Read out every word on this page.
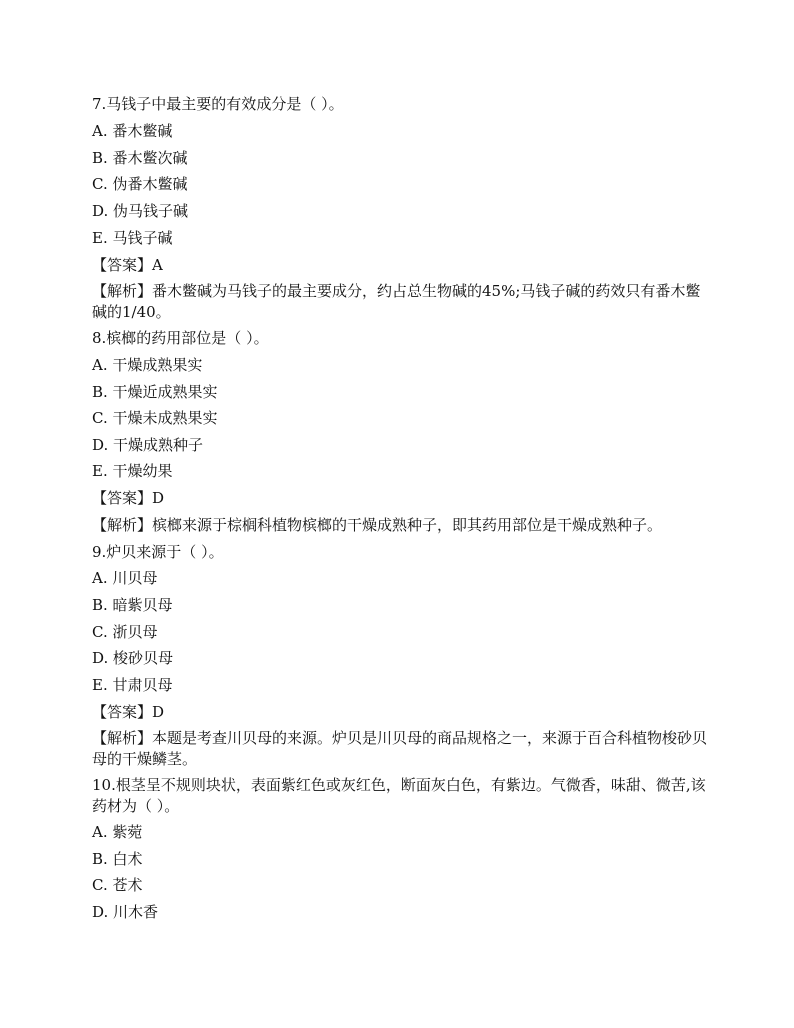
7.马钱子中最主要的有效成分是（ ）。
A. 番木鳖碱
B. 番木鳖次碱
C. 伪番木鳖碱
D. 伪马钱子碱
E. 马钱子碱
【答案】A
【解析】番木鳖碱为马钱子的最主要成分，约占总生物碱的45%;马钱子碱的药效只有番木鳖碱的1/40。
8.槟榔的药用部位是（ ）。
A. 干燥成熟果实
B. 干燥近成熟果实
C. 干燥未成熟果实
D. 干燥成熟种子
E. 干燥幼果
【答案】D
【解析】槟榔来源于棕榈科植物槟榔的干燥成熟种子，即其药用部位是干燥成熟种子。
9.炉贝来源于（ ）。
A. 川贝母
B. 暗紫贝母
C. 浙贝母
D. 梭砂贝母
E. 甘肃贝母
【答案】D
【解析】本题是考查川贝母的来源。炉贝是川贝母的商品规格之一，来源于百合科植物梭砂贝母的干燥鳞茎。
10.根茎呈不规则块状，表面紫红色或灰红色，断面灰白色，有紫边。气微香，味甜、微苦,该药材为（ ）。
A. 紫菀
B. 白术
C. 苍术
D. 川木香
